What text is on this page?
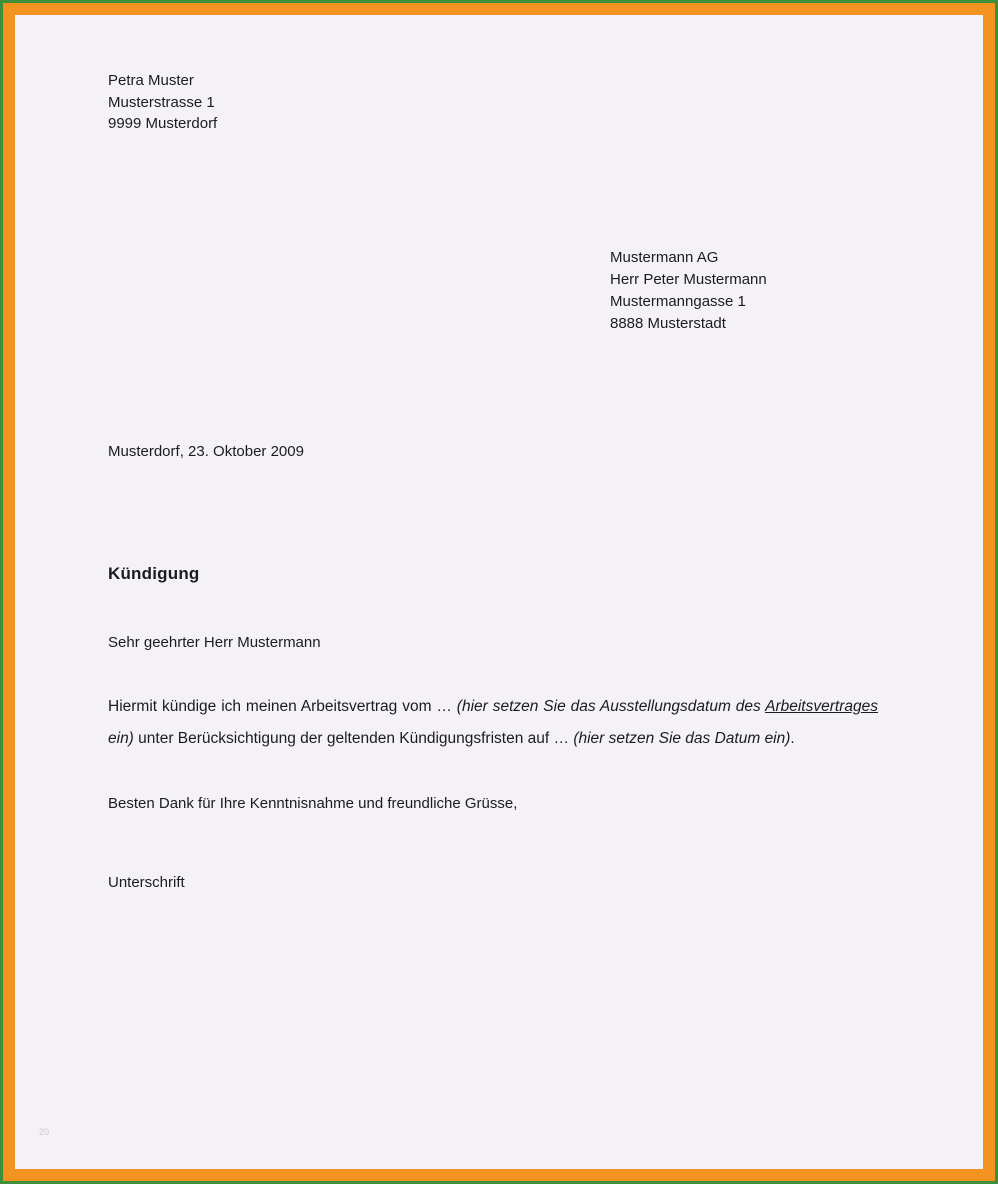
Petra Muster
Musterstrasse 1
9999 Musterdorf
Mustermann AG
Herr Peter Mustermann
Mustermanngasse 1
8888 Musterstadt
Musterdorf, 23. Oktober 2009
Kündigung
Sehr geehrter Herr Mustermann
Hiermit kündige ich meinen Arbeitsvertrag vom … (hier setzen Sie das Ausstellungsdatum des Arbeitsvertrages ein) unter Berücksichtigung der geltenden Kündigungsfristen auf … (hier setzen Sie das Datum ein).
Besten Dank für Ihre Kenntnisnahme und freundliche Grüsse,
Unterschrift
20
